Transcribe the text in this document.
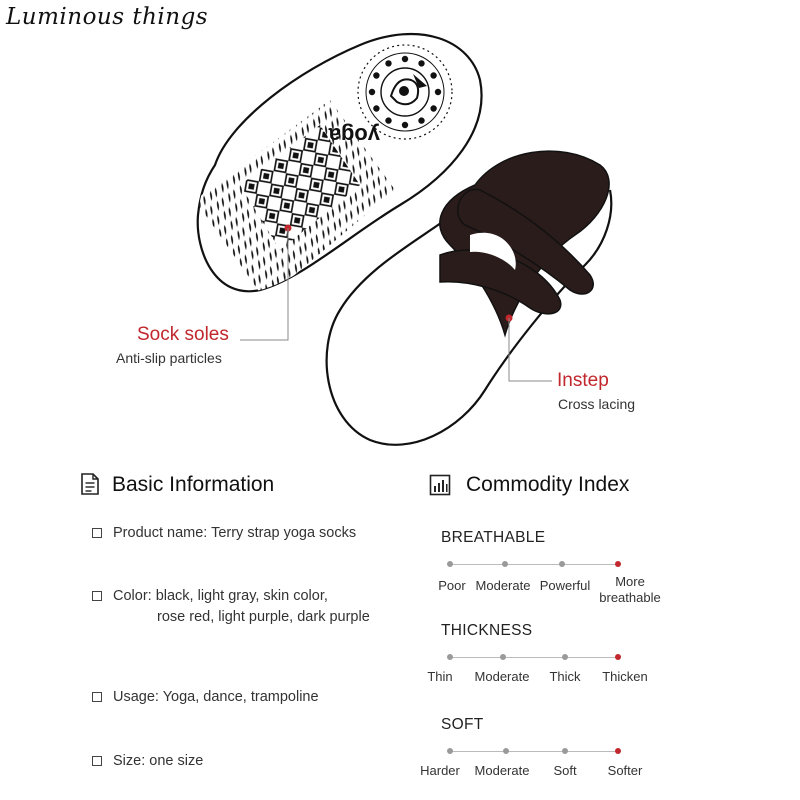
Luminous things
yoga
Sock soles
Anti-slip particles
Instep
Cross lacing
Basic Information
Product name: Terry strap yoga socks
Color: black, light gray, skin color,
rose red, light purple, dark purple
Usage: Yoga, dance, trampoline
Size: one size
Commodity Index
BREATHABLE
Poor Moderate Powerful	More breathable
THICKNESS
Thin	Moderate	Thick	Thicken
SOFT
Harder	Moderate	Soft	Softer
